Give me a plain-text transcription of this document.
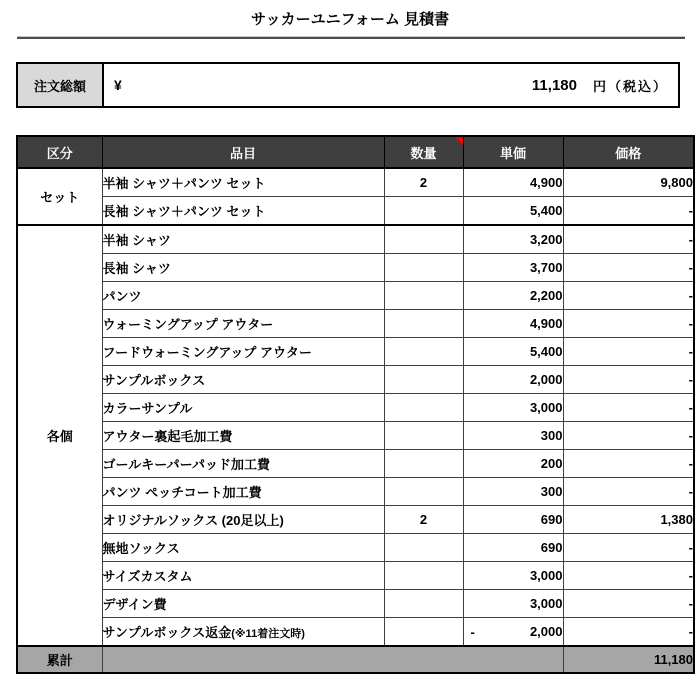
サッカーユニフォーム 見積書
注文総額	¥	11,180 円（税込）
区分	品目	数量	単価	価格
セット	半袖 シャツ＋パンツ セット	2	4,900	9,800
	長袖 シャツ＋パンツ セット		5,400	-
各個	半袖 シャツ		3,200	-
	長袖 シャツ		3,700	-
	パンツ		2,200	-
	ウォーミングアップ アウター		4,900	-
	フードウォーミングアップ アウター		5,400	-
	サンプルボックス		2,000	-
	カラーサンプル		3,000	-
	アウター裏起毛加工費		300	-
	ゴールキーパーパッド加工費		200	-
	パンツ ペッチコート加工費		300	-
	オリジナルソックス (20足以上)	2	690	1,380
	無地ソックス		690	-
	サイズカスタム		3,000	-
	デザイン費		3,000	-
	サンプルボックス返金(※11着注文時)		- 2,000	-
累計				11,180
